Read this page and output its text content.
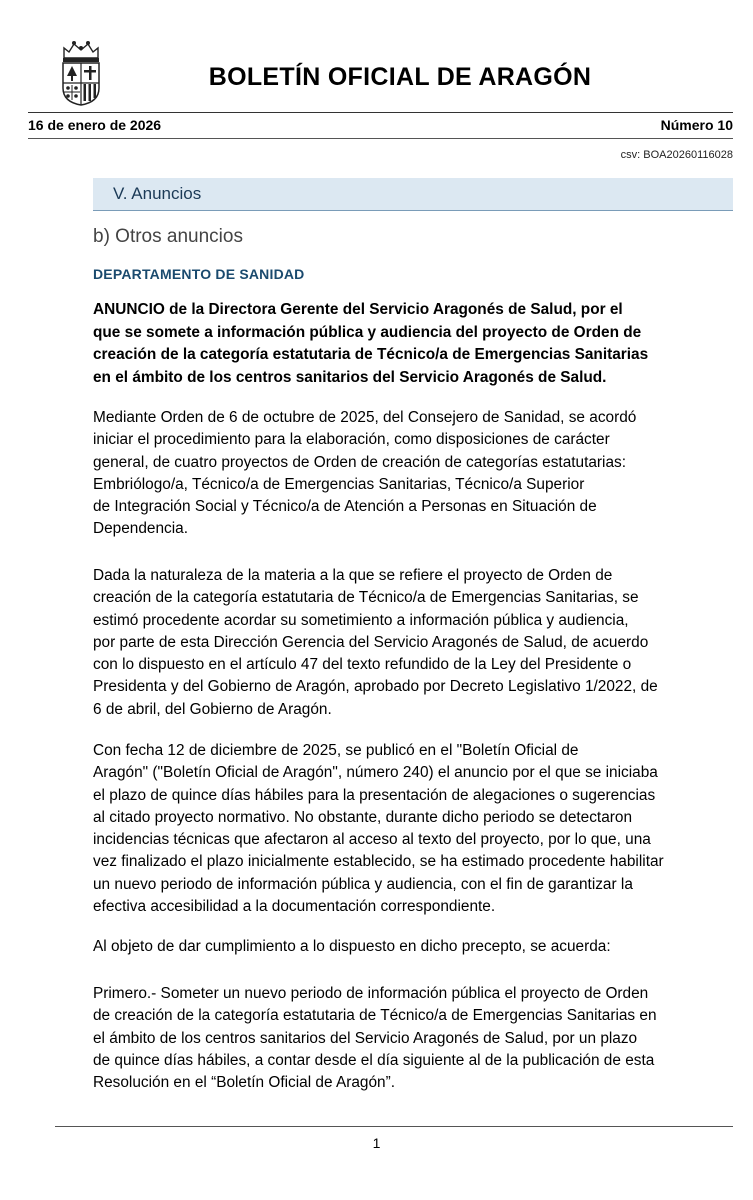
BOLETÍN OFICIAL DE ARAGÓN
16 de enero de 2026	Número 10
csv: BOA20260116028
V. Anuncios
b) Otros anuncios
DEPARTAMENTO DE SANIDAD
ANUNCIO de la Directora Gerente del Servicio Aragonés de Salud, por el
que se somete a información pública y audiencia del proyecto de Orden de
creación de la categoría estatutaria de Técnico/a de Emergencias Sanitarias
en el ámbito de los centros sanitarios del Servicio Aragonés de Salud.
Mediante Orden de 6 de octubre de 2025, del Consejero de Sanidad, se acordó
iniciar el procedimiento para la elaboración, como disposiciones de carácter
general, de cuatro proyectos de Orden de creación de categorías estatutarias:
Embriólogo/a, Técnico/a de Emergencias Sanitarias, Técnico/a Superior
de Integración Social y Técnico/a de Atención a Personas en Situación de
Dependencia.
Dada la naturaleza de la materia a la que se refiere el proyecto de Orden de
creación de la categoría estatutaria de Técnico/a de Emergencias Sanitarias, se
estimó procedente acordar su sometimiento a información pública y audiencia,
por parte de esta Dirección Gerencia del Servicio Aragonés de Salud, de acuerdo
con lo dispuesto en el artículo 47 del texto refundido de la Ley del Presidente o
Presidenta y del Gobierno de Aragón, aprobado por Decreto Legislativo 1/2022, de
6 de abril, del Gobierno de Aragón.
Con fecha 12 de diciembre de 2025, se publicó en el "Boletín Oficial de
Aragón" ("Boletín Oficial de Aragón", número 240) el anuncio por el que se iniciaba
el plazo de quince días hábiles para la presentación de alegaciones o sugerencias
al citado proyecto normativo. No obstante, durante dicho periodo se detectaron
incidencias técnicas que afectaron al acceso al texto del proyecto, por lo que, una
vez finalizado el plazo inicialmente establecido, se ha estimado procedente habilitar
un nuevo periodo de información pública y audiencia, con el fin de garantizar la
efectiva accesibilidad a la documentación correspondiente.
Al objeto de dar cumplimiento a lo dispuesto en dicho precepto, se acuerda:
Primero.- Someter un nuevo periodo de información pública el proyecto de Orden
de creación de la categoría estatutaria de Técnico/a de Emergencias Sanitarias en
el ámbito de los centros sanitarios del Servicio Aragonés de Salud, por un plazo
de quince días hábiles, a contar desde el día siguiente al de la publicación de esta
Resolución en el “Boletín Oficial de Aragón”.
1
